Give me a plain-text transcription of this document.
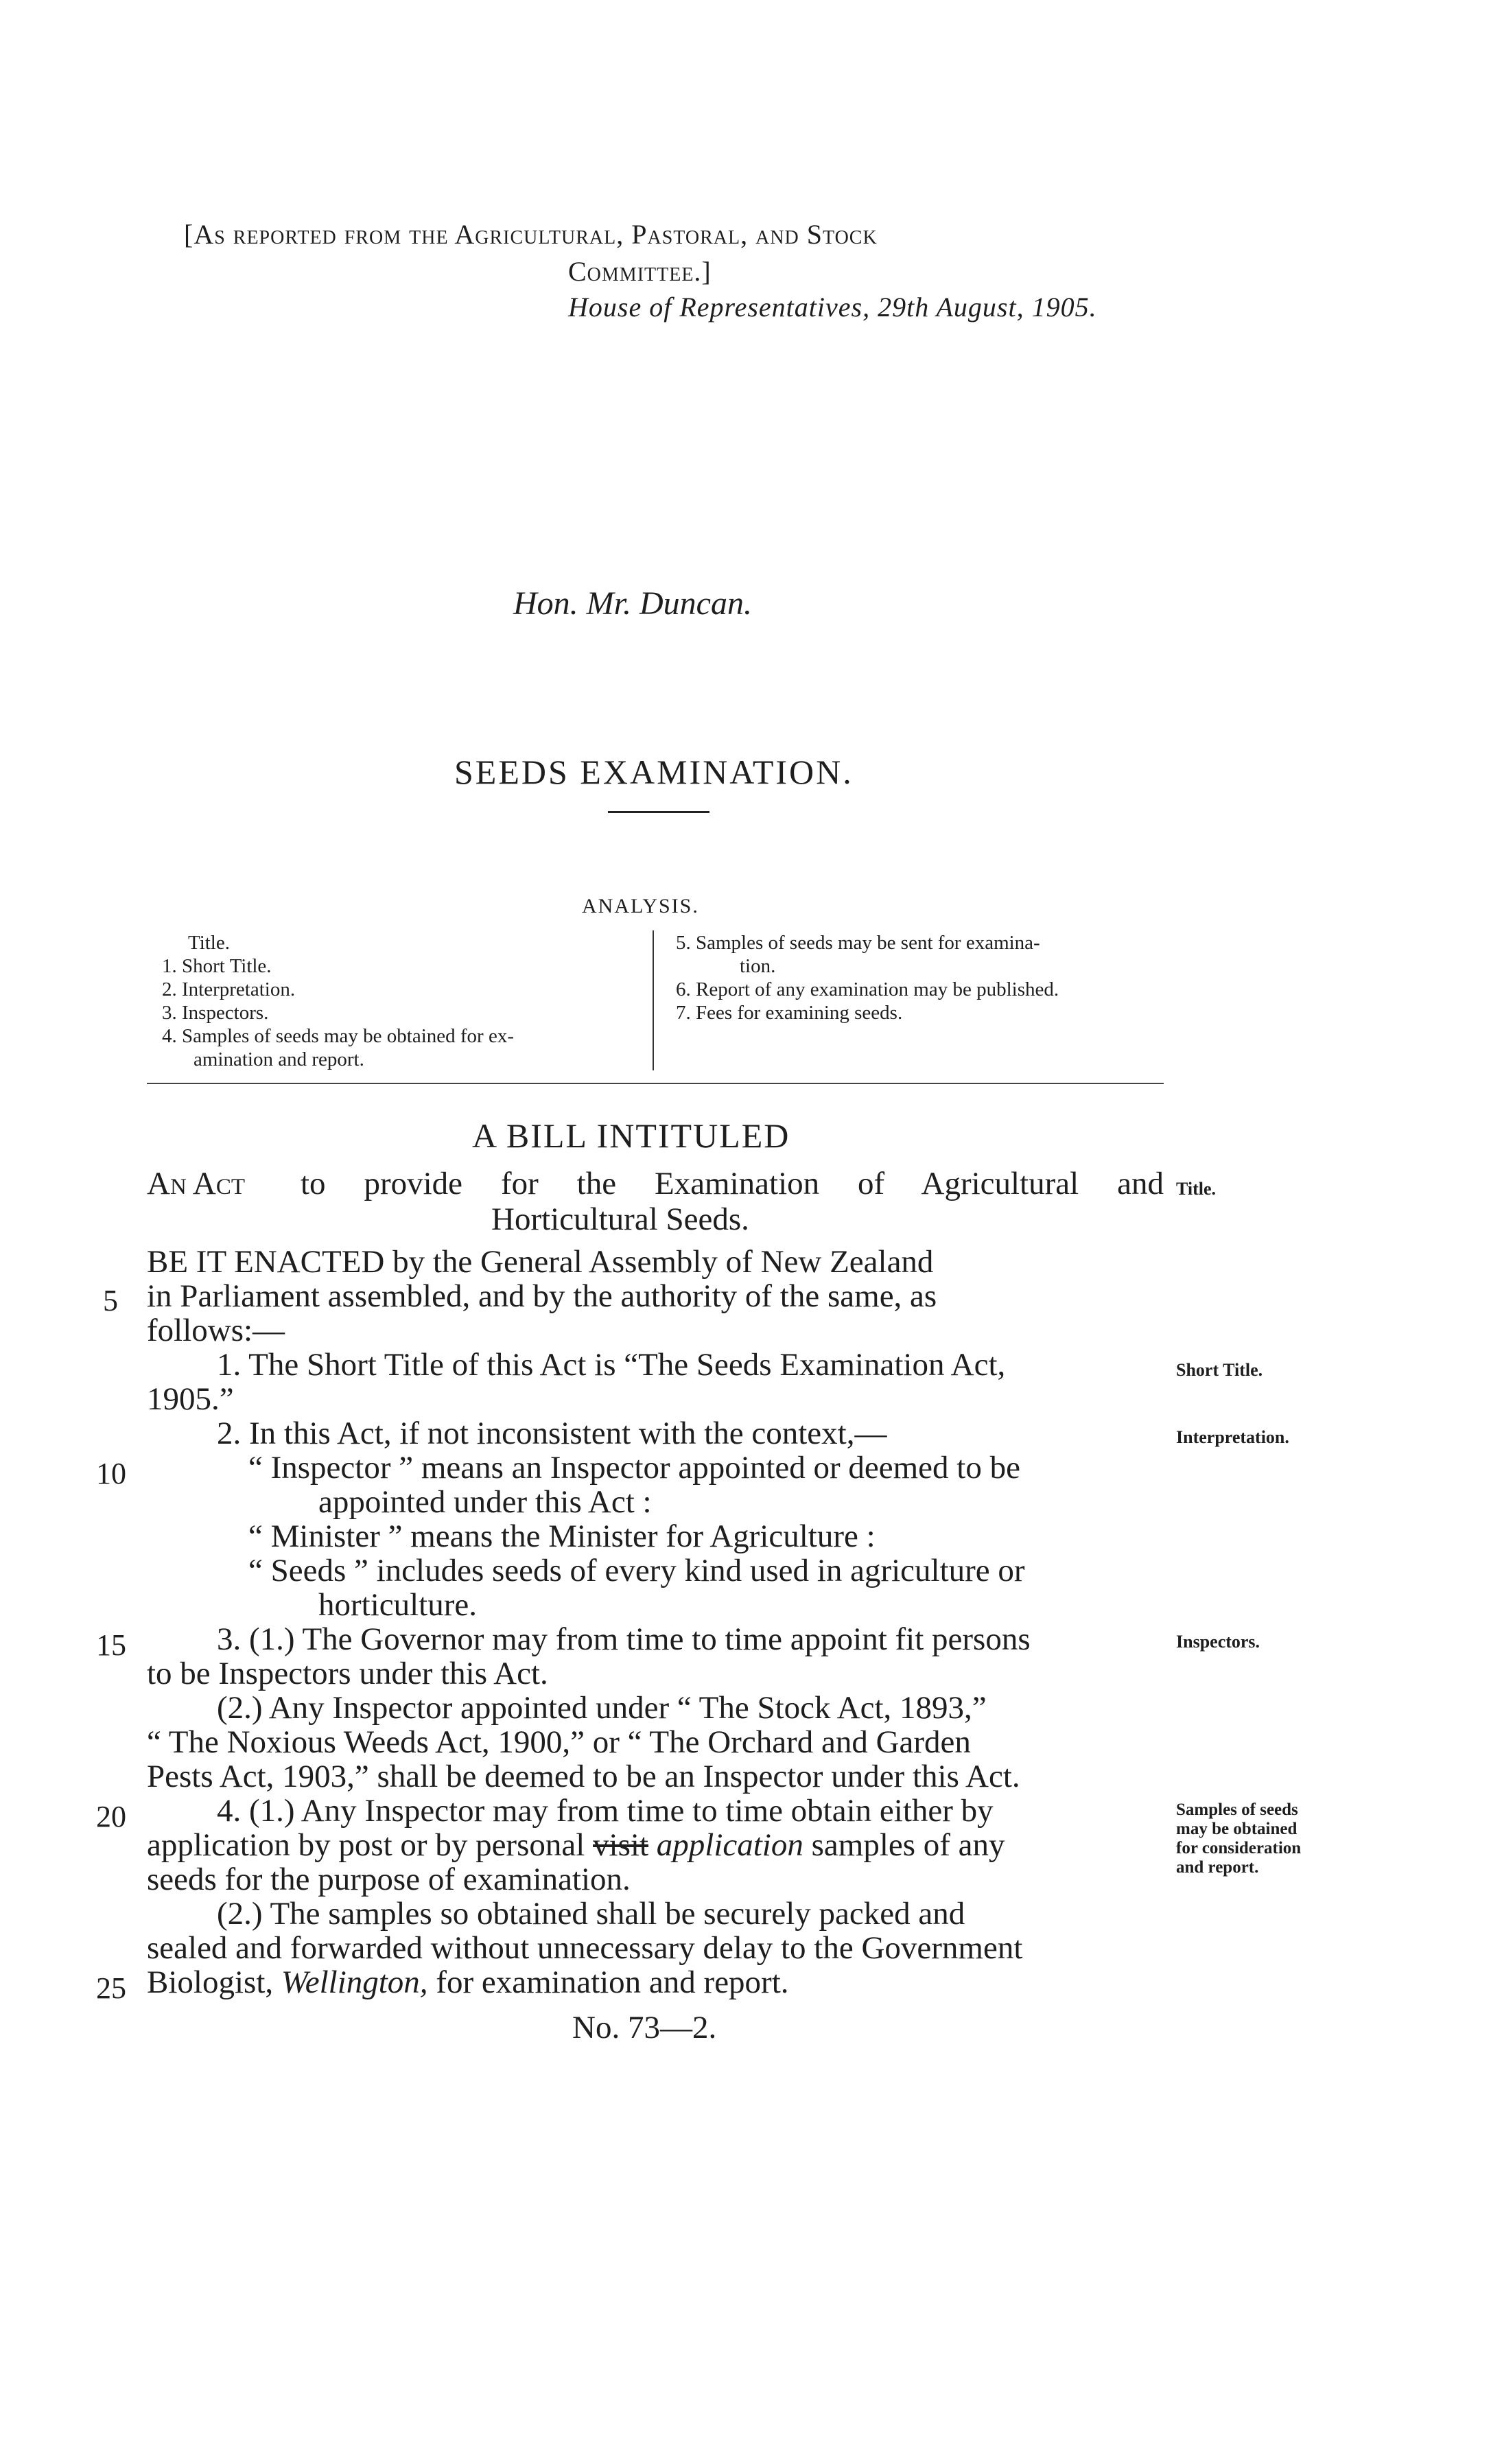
[As reported from the Agricultural, Pastoral, and Stock
Committee.]
House of Representatives, 29th August, 1905.
Hon. Mr. Duncan.
SEEDS EXAMINATION.
ANALYSIS.
Title.
1. Short Title.
2. Interpretation.
3. Inspectors.
4. Samples of seeds may be obtained for ex-
amination and report.
5. Samples of seeds may be sent for examina-
tion.
6. Report of any examination may be published.
7. Fees for examining seeds.
A BILL INTITULED
An Act to provide for the Examination of Agricultural and
Horticultural Seeds.
BE IT ENACTED by the General Assembly of New Zealand
in Parliament assembled, and by the authority of the same, as
follows:—
1. The Short Title of this Act is “The Seeds Examination Act,
1905.”
2. In this Act, if not inconsistent with the context,—
“ Inspector ” means an Inspector appointed or deemed to be
appointed under this Act :
“ Minister ” means the Minister for Agriculture :
“ Seeds ” includes seeds of every kind used in agriculture or
horticulture.
3. (1.) The Governor may from time to time appoint fit persons
to be Inspectors under this Act.
(2.) Any Inspector appointed under “ The Stock Act, 1893,”
“ The Noxious Weeds Act, 1900,” or “ The Orchard and Garden
Pests Act, 1903,” shall be deemed to be an Inspector under this Act.
4. (1.) Any Inspector may from time to time obtain either by
application by post or by personal visit application samples of any
seeds for the purpose of examination.
(2.) The samples so obtained shall be securely packed and
sealed and forwarded without unnecessary delay to the Government
Biologist, Wellington, for examination and report.
5
10
15
20
25
Title.
Short Title.
Interpretation.
Inspectors.
Samples of seeds
may be obtained
for consideration
and report.
No. 73—2.
